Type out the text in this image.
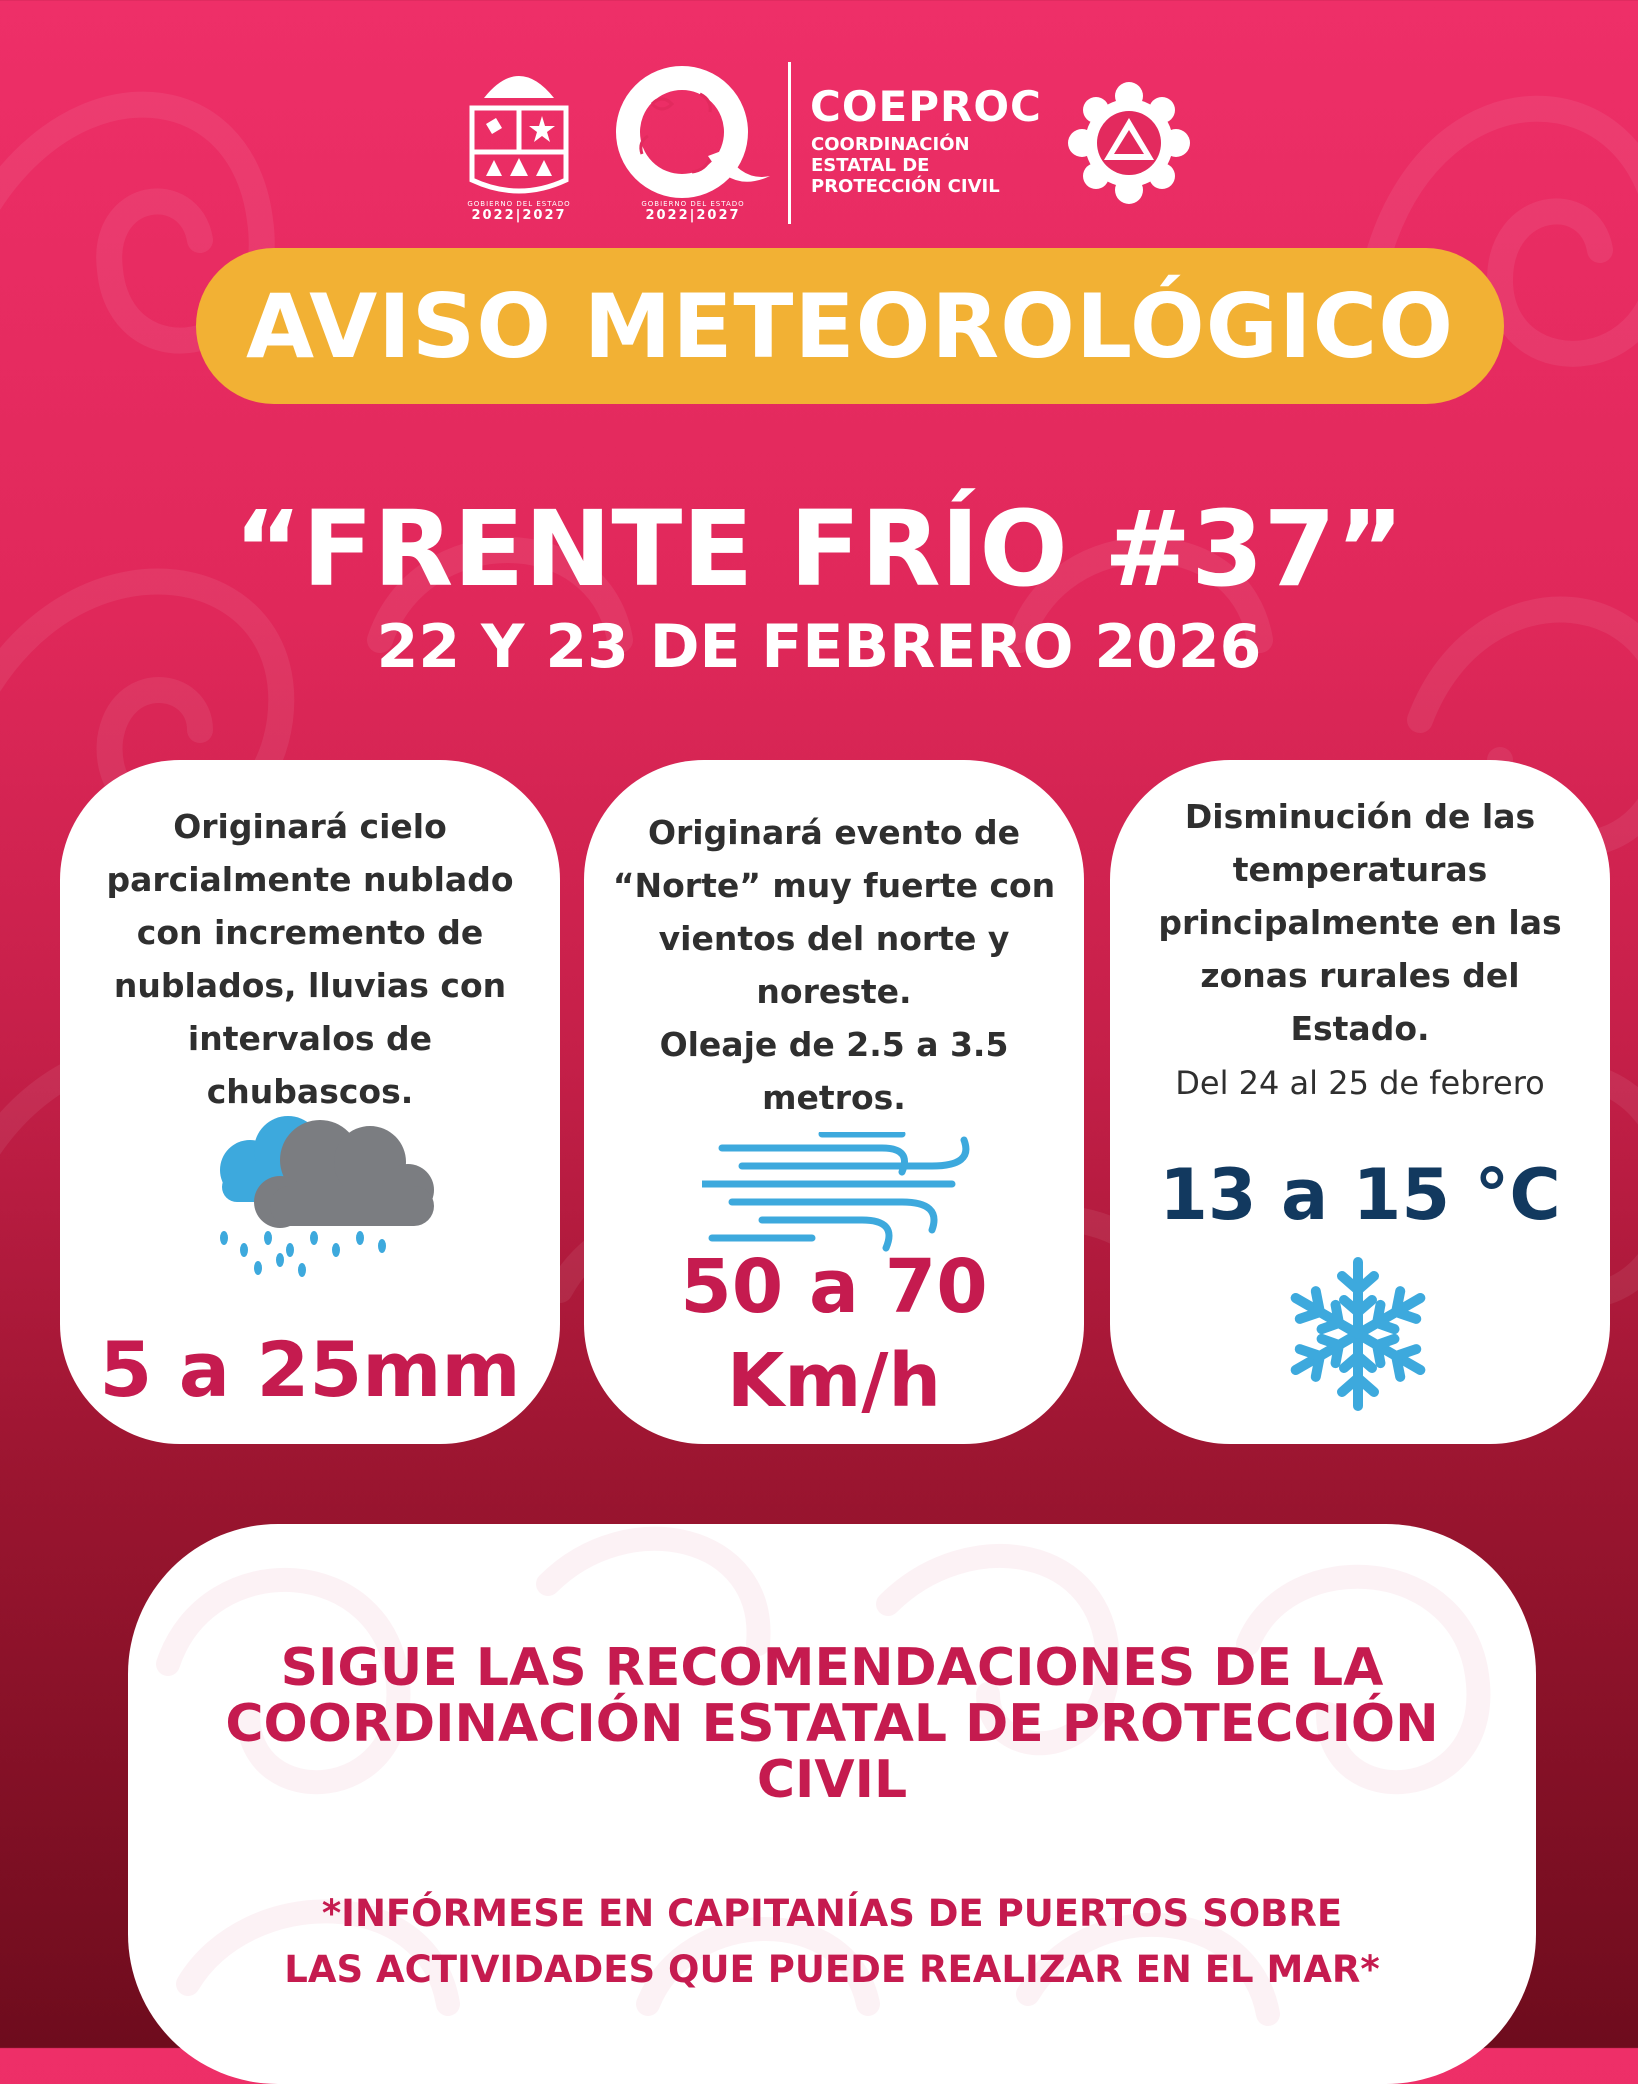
GOBIERNO DEL ESTADO
2022|2027
GOBIERNO DEL ESTADO
2022|2027
COEPROC
COORDINACIÓN
ESTATAL DE
PROTECCIÓN CIVIL
AVISO METEOROLÓGICO
“FRENTE FRÍO #37”
22 Y 23 DE FEBRERO 2026
Originará cielo
parcialmente nublado
con incremento de
nublados, lluvias con
intervalos de
chubascos.
5 a 25mm
Originará evento de
“Norte” muy fuerte con
vientos del norte y
noreste.
Oleaje de 2.5 a 3.5
metros.
50 a 70
Km/h
Disminución de las
temperaturas
principalmente en las
zonas rurales del
Estado.
Del 24 al 25 de febrero
13 a 15 °C
SIGUE LAS RECOMENDACIONES DE LA
COORDINACIÓN ESTATAL DE PROTECCIÓN
CIVIL
*INFÓRMESE EN CAPITANÍAS DE PUERTOS SOBRE
LAS ACTIVIDADES QUE PUEDE REALIZAR EN EL MAR*
